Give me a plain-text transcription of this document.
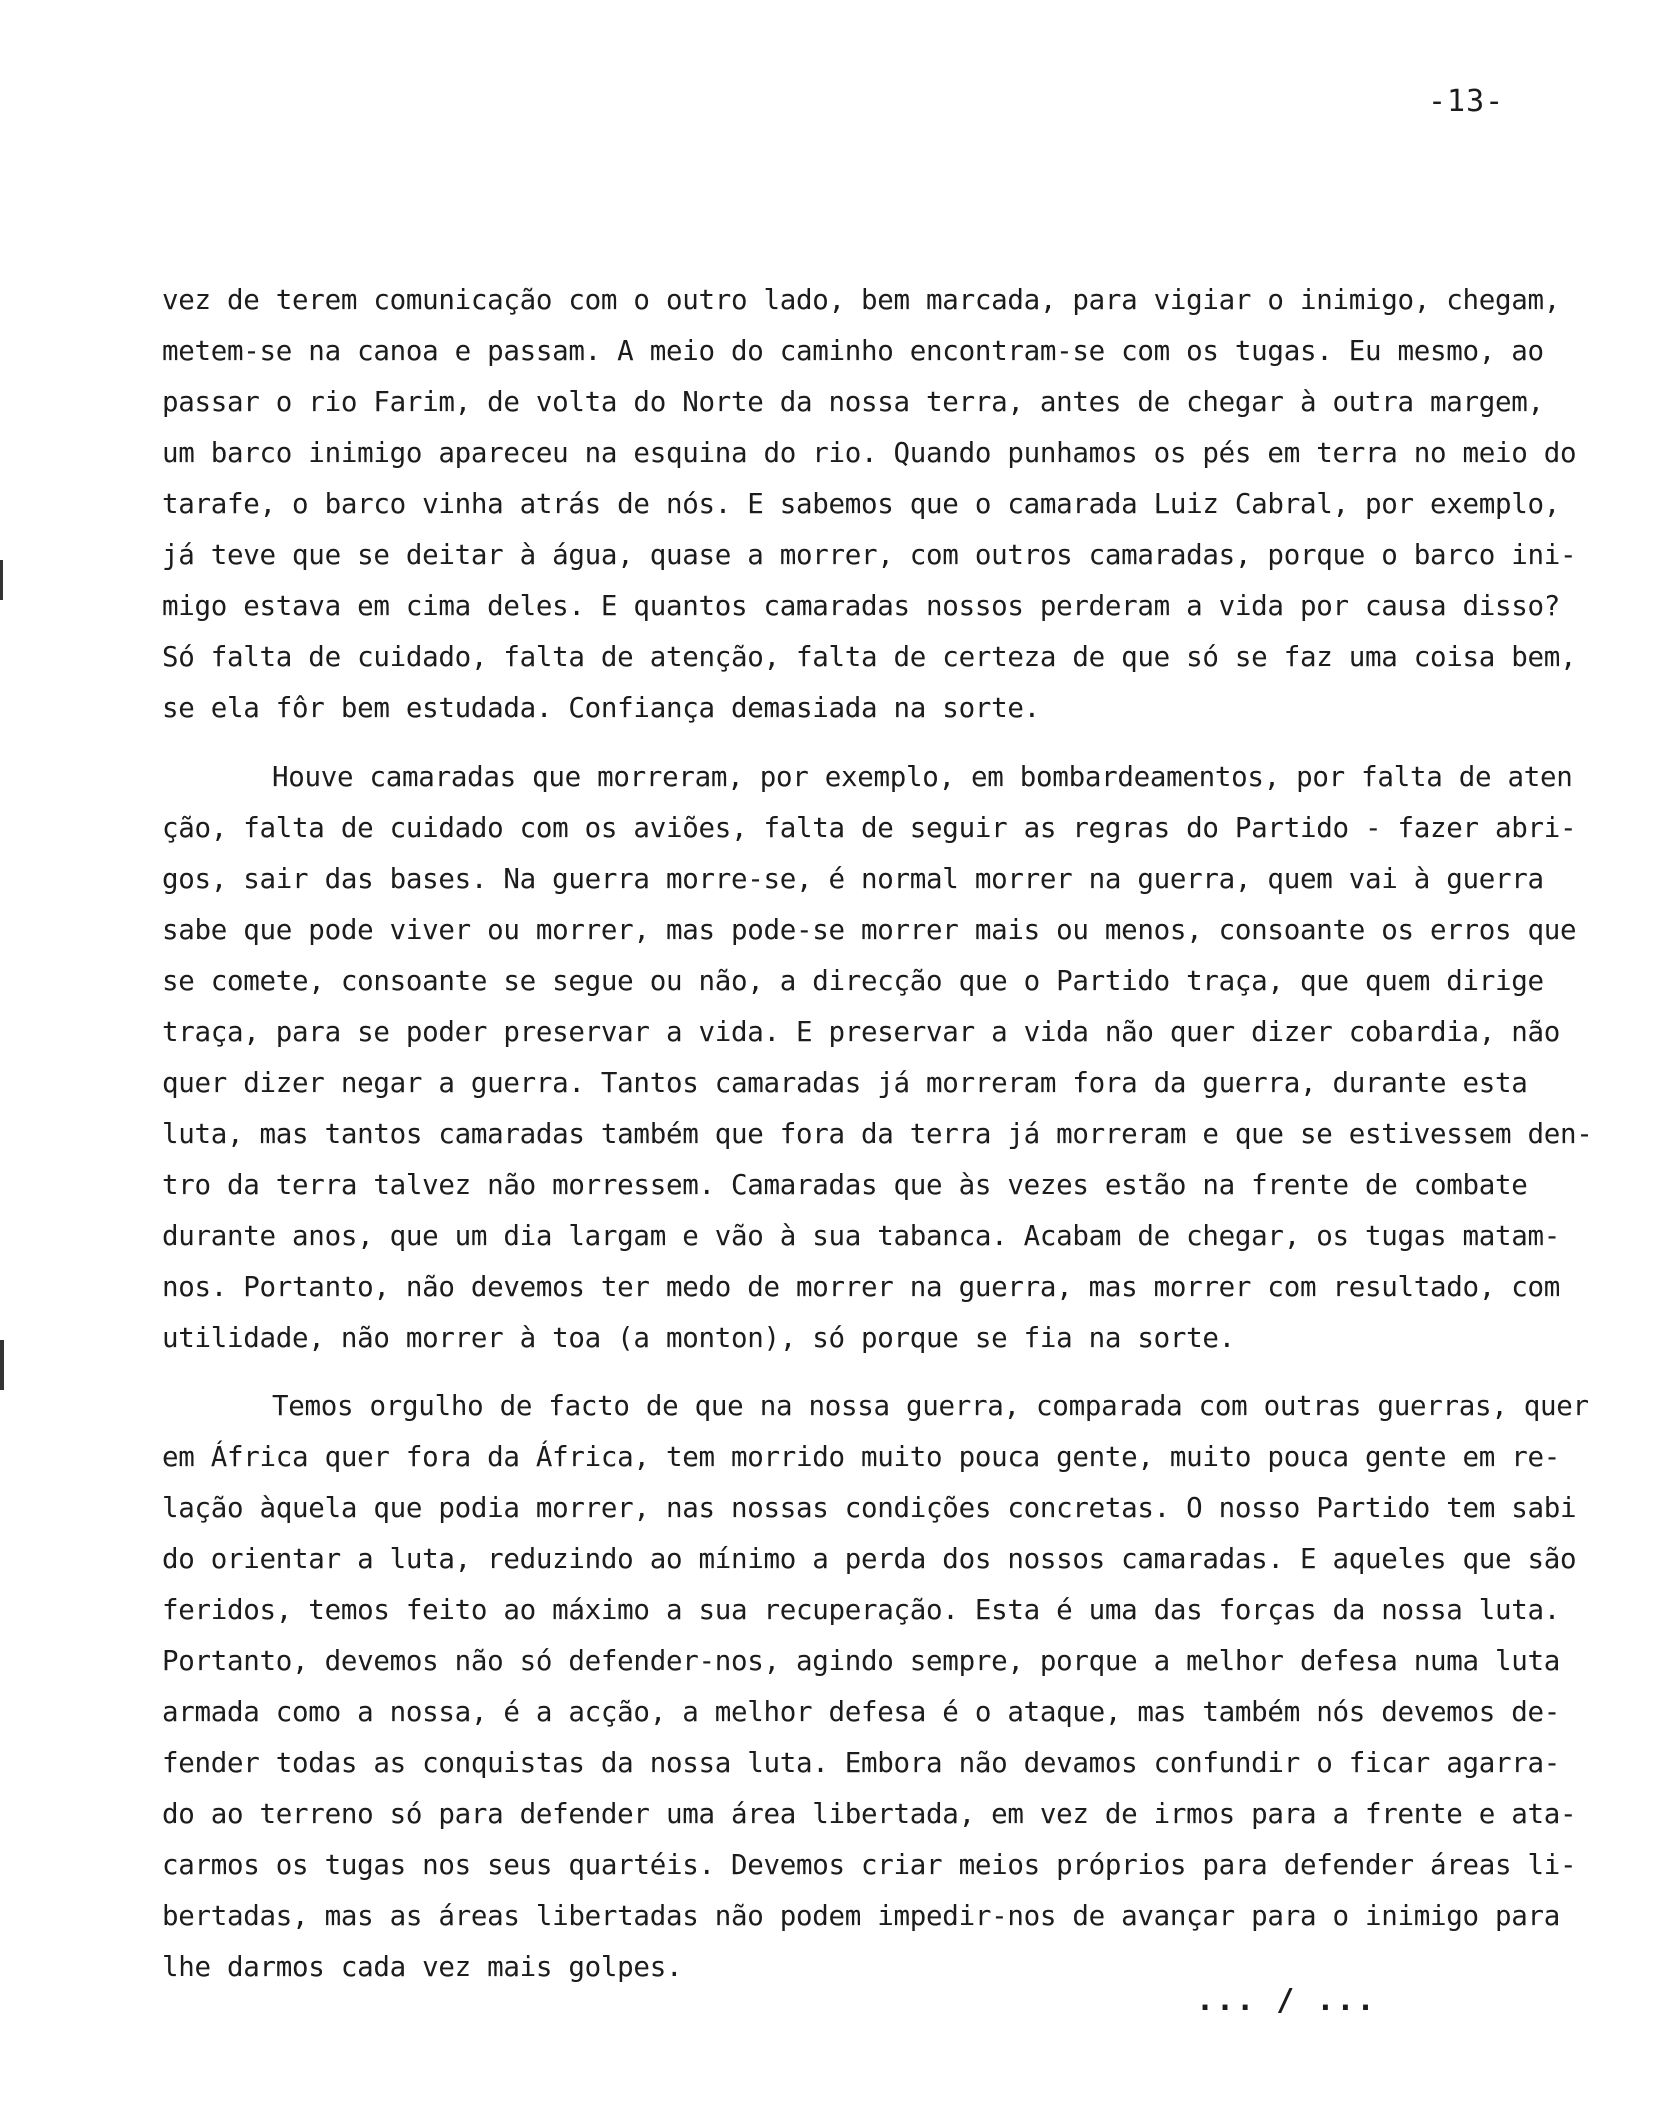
-13-
vez de terem comunicação com o outro lado, bem marcada, para vigiar o inimigo, chegam,
metem-se na canoa e passam. A meio do caminho encontram-se com os tugas. Eu mesmo, ao
passar o rio Farim, de volta do Norte da nossa terra, antes de chegar à outra margem,
um barco inimigo apareceu na esquina do rio. Quando punhamos os pés em terra no meio do
tarafe, o barco vinha atrás de nós. E sabemos que o camarada Luiz Cabral, por exemplo,
já teve que se deitar à água, quase a morrer, com outros camaradas, porque o barco ini-
migo estava em cima deles. E quantos camaradas nossos perderam a vida por causa disso?
Só falta de cuidado, falta de atenção, falta de certeza de que só se faz uma coisa bem,
se ela fôr bem estudada. Confiança demasiada na sorte.
Houve camaradas que morreram, por exemplo, em bombardeamentos, por falta de aten
ção, falta de cuidado com os aviões, falta de seguir as regras do Partido - fazer abri-
gos, sair das bases. Na guerra morre-se, é normal morrer na guerra, quem vai à guerra
sabe que pode viver ou morrer, mas pode-se morrer mais ou menos, consoante os erros que
se comete, consoante se segue ou não, a direcção que o Partido traça, que quem dirige
traça, para se poder preservar a vida. E preservar a vida não quer dizer cobardia, não
quer dizer negar a guerra. Tantos camaradas já morreram fora da guerra, durante esta
luta, mas tantos camaradas também que fora da terra já morreram e que se estivessem den-
tro da terra talvez não morressem. Camaradas que às vezes estão na frente de combate
durante anos, que um dia largam e vão à sua tabanca. Acabam de chegar, os tugas matam-
nos. Portanto, não devemos ter medo de morrer na guerra, mas morrer com resultado, com
utilidade, não morrer à toa (a monton), só porque se fia na sorte.
Temos orgulho de facto de que na nossa guerra, comparada com outras guerras, quer
em África quer fora da África, tem morrido muito pouca gente, muito pouca gente em re-
lação àquela que podia morrer, nas nossas condições concretas. O nosso Partido tem sabi
do orientar a luta, reduzindo ao mínimo a perda dos nossos camaradas. E aqueles que são
feridos, temos feito ao máximo a sua recuperação. Esta é uma das forças da nossa luta.
Portanto, devemos não só defender-nos, agindo sempre, porque a melhor defesa numa luta
armada como a nossa, é a acção, a melhor defesa é o ataque, mas também nós devemos de-
fender todas as conquistas da nossa luta. Embora não devamos confundir o ficar agarra-
do ao terreno só para defender uma área libertada, em vez de irmos para a frente e ata-
carmos os tugas nos seus quartéis. Devemos criar meios próprios para defender áreas li-
bertadas, mas as áreas libertadas não podem impedir-nos de avançar para o inimigo para
lhe darmos cada vez mais golpes.
... / ...
